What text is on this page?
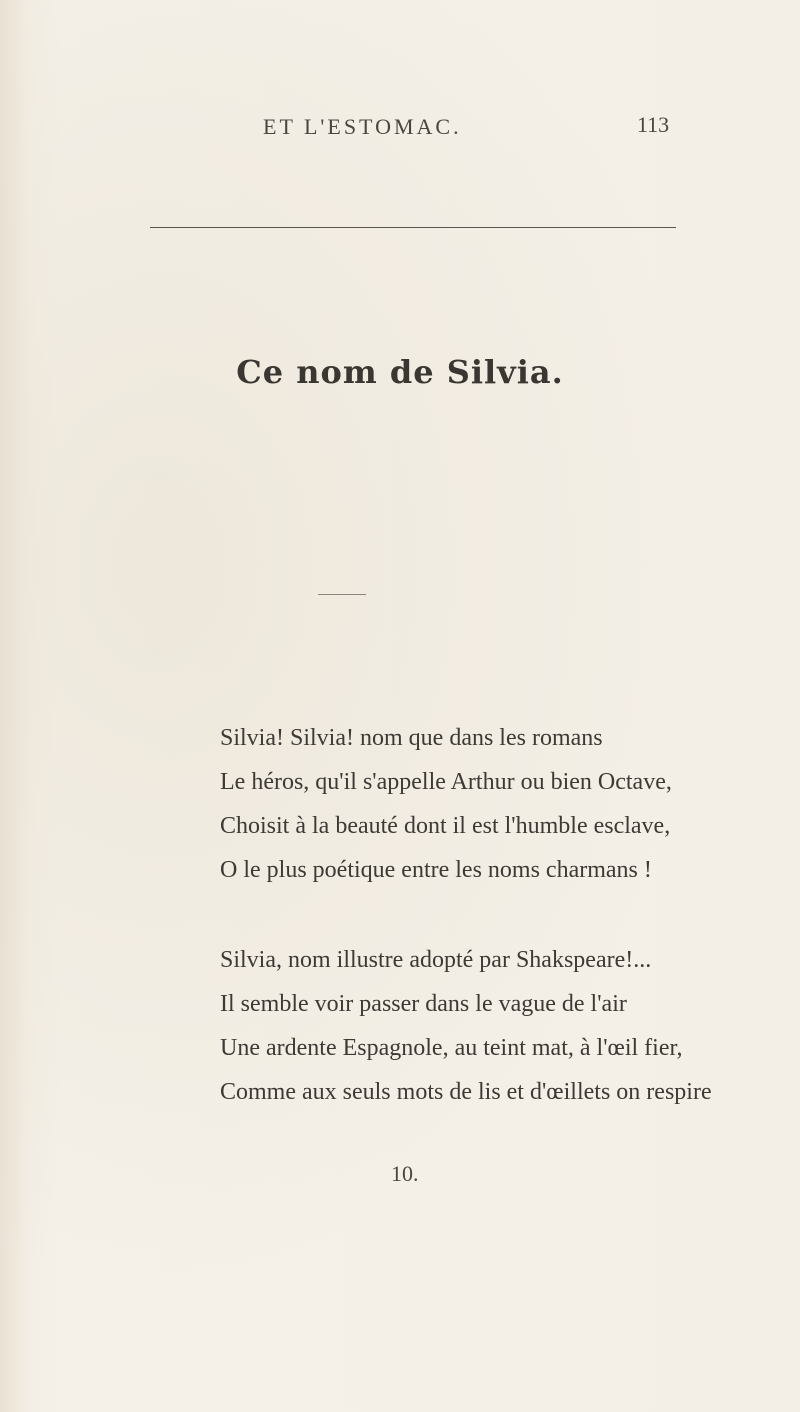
ET L'ESTOMAC.	113
Ce nom de Silvia.
Silvia! Silvia! nom que dans les romans
Le héros, qu'il s'appelle Arthur ou bien Octave,
Choisit à la beauté dont il est l'humble esclave,
O le plus poétique entre les noms charmans !
Silvia, nom illustre adopté par Shakspeare!...
Il semble voir passer dans le vague de l'air
Une ardente Espagnole, au teint mat, à l'œil fier,
Comme aux seuls mots de lis et d'œillets on respire
10.
